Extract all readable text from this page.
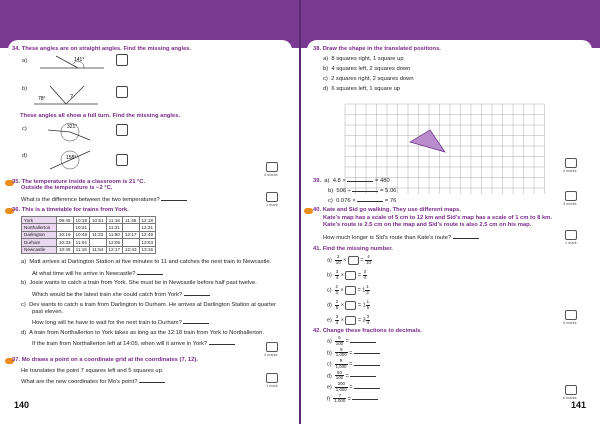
34. These angles are on straight angles. Find the missing angles.
a)	141°
b)
78°	?
These angles all show a full turn. Find the missing angles.
c)	321°
d)	158°
4 marks
35. The temperature inside a classroom is 21 °C.
Outside the temperature is −2 °C.
What is the difference between the two temperatures?
1 mark
36. This is a timetable for trains from York.
York	09:45	10:18	10:51	11:18	11:45	12:18
Northallerton		10:31		11:31		12:31
Darlington	10:16	10:48	11:22	11:50	12:17	12:49
Durham	10:33	11:04		12:05		13:03
Newcastle	10:45	11:16	11:54	12:17	12:43	13:15
a) Matt arrives at Darlington Station at five minutes to 11 and catches the next train to Newcastle.
At what time will he arrive in Newcastle?
b) Josie wants to catch a train from York. She must be in Newcastle before half past twelve.
Which would be the latest train she could catch from York?
c) Dev wants to catch a train from Darlington to Durham. He arrives at Darlington Station at quarter
past eleven.
How long will he have to wait for the next train to Durham?
d) A train from Northallerton to York takes as long as the 12:18 train from York to Northallerton.
If the train from Northallerton left at 14:05, when will it arrive in York?
4 marks
37. Mo draws a point on a coordinate grid at the coordinates (7, 12).
He translates the point 7 squares left and 5 squares up.
What are the new coordinates for Mo's point?
1 mark
140
38. Draw the shape in the translated positions.
a) 8 squares right, 1 square up
b) 4 squares left, 2 squares down
c) 2 squares right, 2 squares down
d) 6 squares left, 1 square up
4 marks
39. a) 4.8 ×	= 480
b) 506 ÷	= 5.06
c) 0.076 ×	= 76	3 marks
40. Kate and Sid go walking. They use different maps.
Kate's map has a scale of 5 cm to 12 km and Sid's map has a scale of 1 cm to 8 km.
Kate's route is 2.5 cm on the map and Sid's route is also 2.5 cm on his map.
How much longer is Sid's route than Kate's route?
1 mark
41. Find the missing number.
$a) \frac{2}{10}$ ×  = $\frac{4}{10}$
$b) \frac{3}{4}$ ×  = $\frac{3}{4}$
$c) \frac{2}{3}$ ×  = $1 \frac{1}{3}$
$d) \frac{2}{5}$ ×  = $1 \frac{1}{5}$
$e) \frac{3}{4}$ ×  = $3 \frac{3}{4}$	5 marks
42. Change these fractions to decimals.
$a) \frac{6}{100}$ =
$b) \frac{8}{1,000}$ =
$c) \frac{9}{1,000}$ =
$d) \frac{50}{100}$ =
$e) \frac{300}{1,000}$ =
$f) \frac{7}{1,000}$ =	6 marks
141
